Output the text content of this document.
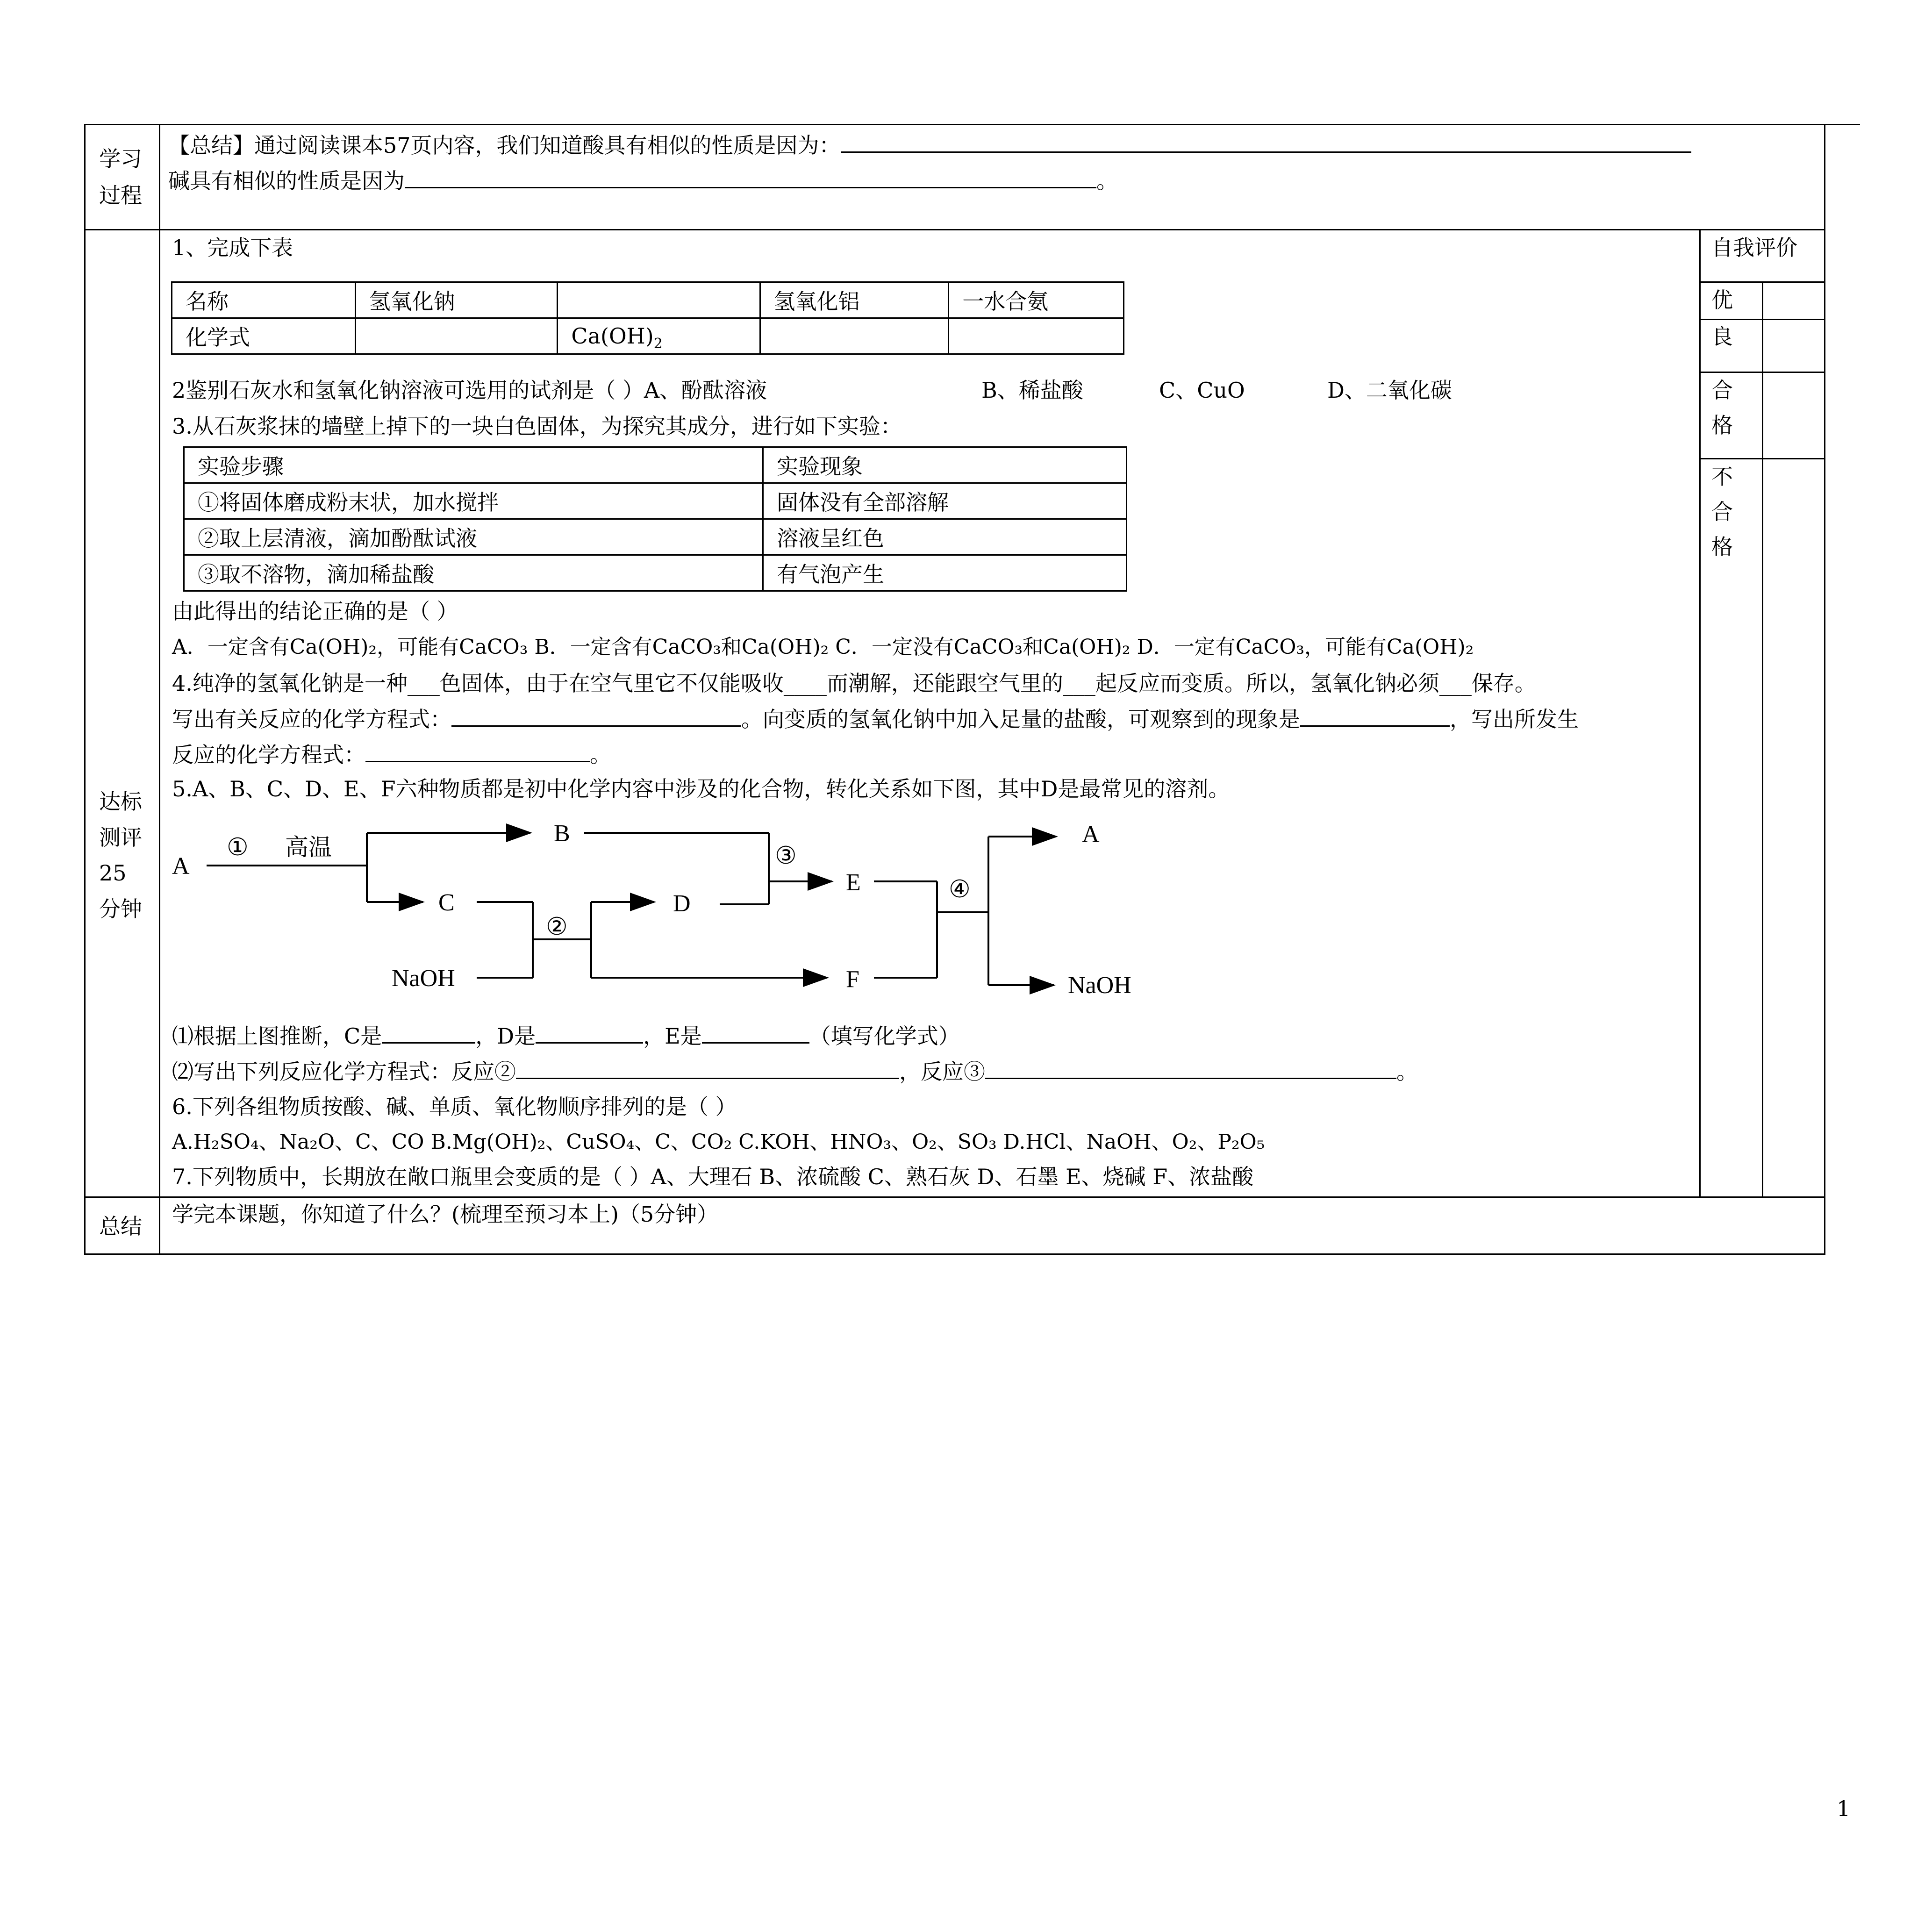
自我评价
优
良
合
格
不
合
格
学习
过程
达标
测评
25
分钟
总结
【总结】通过阅读课本57页内容，我们知道酸具有相似的性质是因为：
碱具有相似的性质是因为	。
1、完成下表
名称	氢氧化钠		氢氧化铝	一水合氨
化学式		$Ca(OH)_2$		
2鉴别石灰水和氢氧化钠溶液可选用的试剂是（ ）A、酚酞溶液	B、稀盐酸	C、CuO	D、二氧化碳
3.从石灰浆抹的墙壁上掉下的一块白色固体，为探究其成分，进行如下实验：
实验步骤	实验现象
①将固体磨成粉末状，加水搅拌	固体没有全部溶解
②取上层清液，滴加酚酞试液	溶液呈红色
③取不溶物，滴加稀盐酸	有气泡产生
由此得出的结论正确的是（ ）
A．一定含有Ca(OH)₂，可能有CaCO₃ B．一定含有CaCO₃和Ca(OH)₂ C．一定没有CaCO₃和Ca(OH)₂ D．一定有CaCO₃，可能有Ca(OH)₂
4.纯净的氢氧化钠是一种___色固体，由于在空气里它不仅能吸收____而潮解，还能跟空气里的___起反应而变质。所以，氢氧化钠必须___保存。
写出有关反应的化学方程式：	。向变质的氢氧化钠中加入足量的盐酸，可观察到的现象是	，写出所发生
反应的化学方程式：	。
5.A、B、C、D、E、F六种物质都是初中化学内容中涉及的化合物，转化关系如下图，其中D是最常见的溶剂。
A
① 高温
B
C
NaOH
②
D
③
E
F
④
A
NaOH
⑴根据上图推断，C是	，D是	，E是	（填写化学式）
⑵写出下列反应化学方程式：反应②	，反应③	。
6.下列各组物质按酸、碱、单质、氧化物顺序排列的是（ ）
A.H₂SO₄、Na₂O、C、CO B.Mg(OH)₂、CuSO₄、C、CO₂ C.KOH、HNO₃、O₂、SO₃ D.HCl、NaOH、O₂、P₂O₅
7.下列物质中，长期放在敞口瓶里会变质的是（ ）A、大理石 B、浓硫酸 C、熟石灰 D、石墨 E、烧碱 F、浓盐酸
学完本课题，你知道了什么？(梳理至预习本上)（5分钟）
1
